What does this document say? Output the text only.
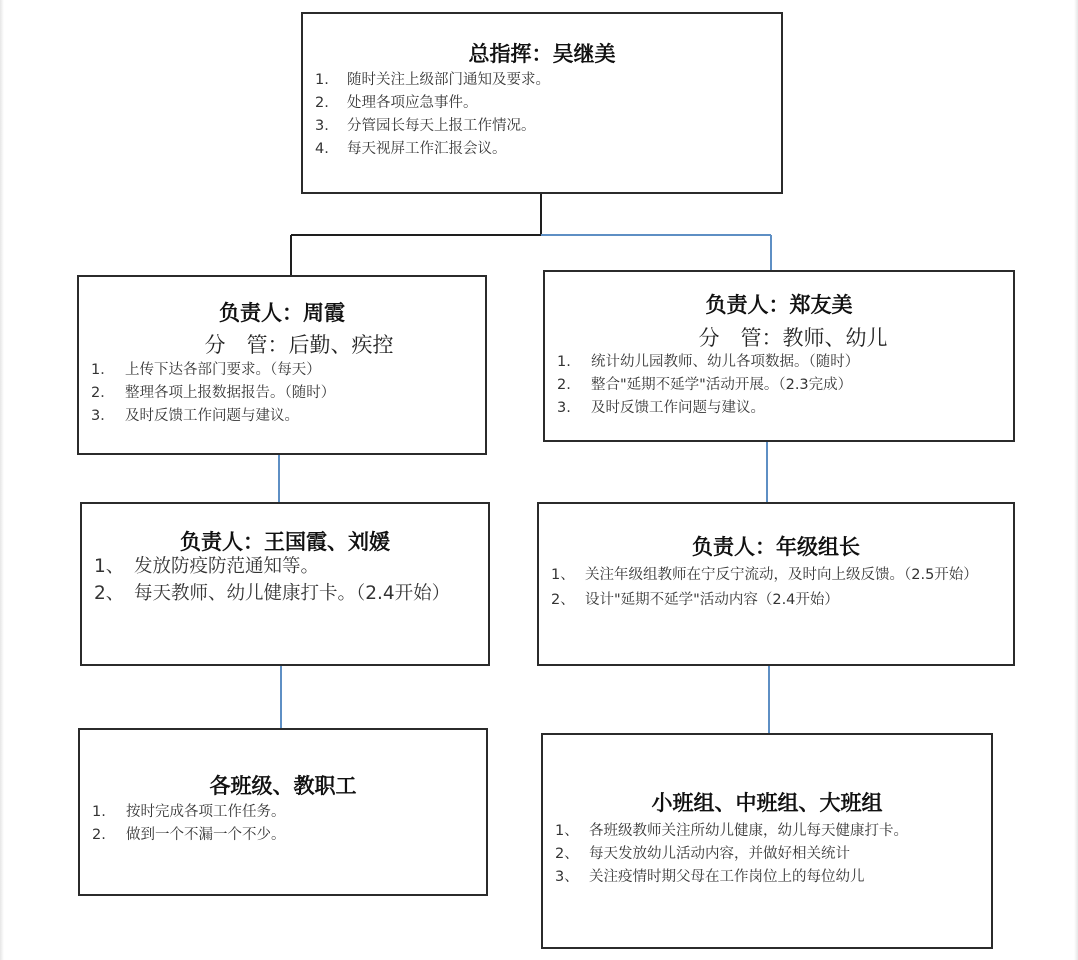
总指挥：吴继美
1.	随时关注上级部门通知及要求。
2.	处理各项应急事件。
3.	分管园长每天上报工作情况。
4.	每天视屏工作汇报会议。
负责人：周霞
分　管：后勤、疾控
1． 上传下达各部门要求。（每天）
2． 整理各项上报数据报告。（随时）
3． 及时反馈工作问题与建议。
负责人：郑友美
分　管：教师、幼儿
1.	统计幼儿园教师、幼儿各项数据。（随时）
2.	整合"延期不延学"活动开展。（2.3完成）
3.	及时反馈工作问题与建议。
负责人：王国霞、刘媛
1、 发放防疫防范通知等。
2、 每天教师、幼儿健康打卡。（2.4开始）
负责人：年级组长
1、 关注年级组教师在宁反宁流动，及时向上级反馈。（2.5开始）
2、 设计"延期不延学"活动内容（2.4开始）
各班级、教职工
1.	按时完成各项工作任务。
2.	做到一个不漏一个不少。
小班组、中班组、大班组
1、 各班级教师关注所幼儿健康，幼儿每天健康打卡。
2、 每天发放幼儿活动内容，并做好相关统计
3、 关注疫情时期父母在工作岗位上的每位幼儿
